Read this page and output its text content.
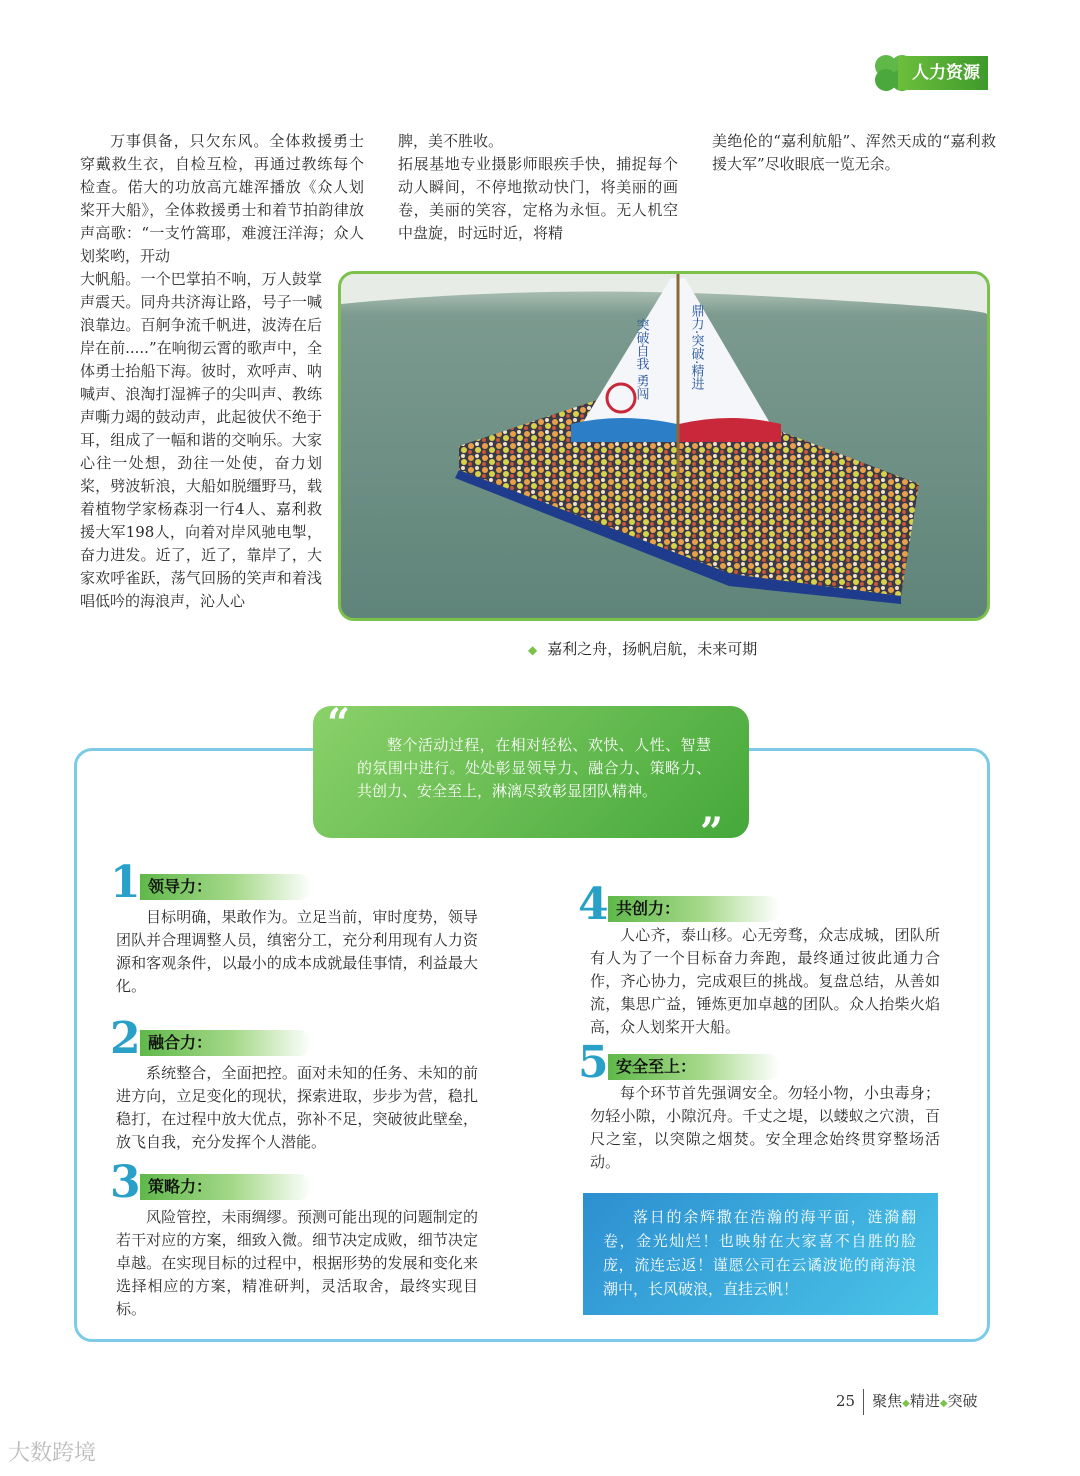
人力资源

万事俱备，只欠东风。全体救援勇士穿戴救生衣，自检互检，再通过教练每个检查。偌大的功放高亢雄浑播放《众人划桨开大船》，全体救援勇士和着节拍韵律放声高歌：“一支竹篙耶，难渡汪洋海；众人划桨哟，开动

大帆船。一个巴掌拍不响，万人鼓掌声震天。同舟共济海让路，号子一喊浪靠边。百舸争流千帆进，波涛在后岸在前.....”在响彻云霄的歌声中，全体勇士抬船下海。彼时，欢呼声、呐喊声、浪淘打湿裤子的尖叫声、教练声嘶力竭的鼓动声，此起彼伏不绝于耳，组成了一幅和谐的交响乐。大家心往一处想，劲往一处使，奋力划桨，劈波斩浪，大船如脱缰野马，载着植物学家杨森羽一行4人、嘉利救援大军198人，向着对岸风驰电掣，奋力进发。近了，近了，靠岸了，大家欢呼雀跃，荡气回肠的笑声和着浅唱低吟的海浪声，沁人心

脾，美不胜收。
拓展基地专业摄影师眼疾手快，捕捉每个动人瞬间，不停地揿动快门，将美丽的画卷，美丽的笑容，定格为永恒。无人机空中盘旋，时远时近，将精

美绝伦的“嘉利航船”、浑然天成的“嘉利救援大军”尽收眼底一览无余。

突破自我 勇闯	鼎力·突破·精进
◆ 嘉利之舟，扬帆启航，未来可期
“	整个活动过程，在相对轻松、欢快、人性、智慧的氛围中进行。处处彰显领导力、融合力、策略力、共创力、安全至上，淋漓尽致彰显团队精神。
”
1 领导力：

目标明确，果敢作为。立足当前，审时度势，领导团队并合理调整人员，缜密分工，充分利用现有人力资源和客观条件，以最小的成本成就最佳事情，利益最大化。

2 融合力：

系统整合，全面把控。面对未知的任务、未知的前进方向，立足变化的现状，探索进取，步步为营，稳扎稳打，在过程中放大优点，弥补不足，突破彼此壁垒，放飞自我，充分发挥个人潜能。

3 策略力：

风险管控，未雨绸缪。预测可能出现的问题制定的若干对应的方案，细致入微。细节决定成败，细节决定卓越。在实现目标的过程中，根据形势的发展和变化来选择相应的方案，精准研判，灵活取舍，最终实现目标。

4 共创力：

人心齐，泰山移。心无旁骛，众志成城，团队所有人为了一个目标奋力奔跑，最终通过彼此通力合作，齐心协力，完成艰巨的挑战。复盘总结，从善如流，集思广益，锤炼更加卓越的团队。众人抬柴火焰高，众人划桨开大船。

5 安全至上：

每个环节首先强调安全。勿轻小物，小虫毒身；勿轻小隙，小隙沉舟。千丈之堤，以蝼蚁之穴溃，百尺之室，以突隙之烟焚。安全理念始终贯穿整场活动。

落日的余辉撒在浩瀚的海平面，涟漪翻卷，金光灿烂！也映射在大家喜不自胜的脸庞，流连忘返！谨愿公司在云谲波诡的商海浪潮中，长风破浪，直挂云帆！
25 聚焦◆精进◆突破
大数跨境
